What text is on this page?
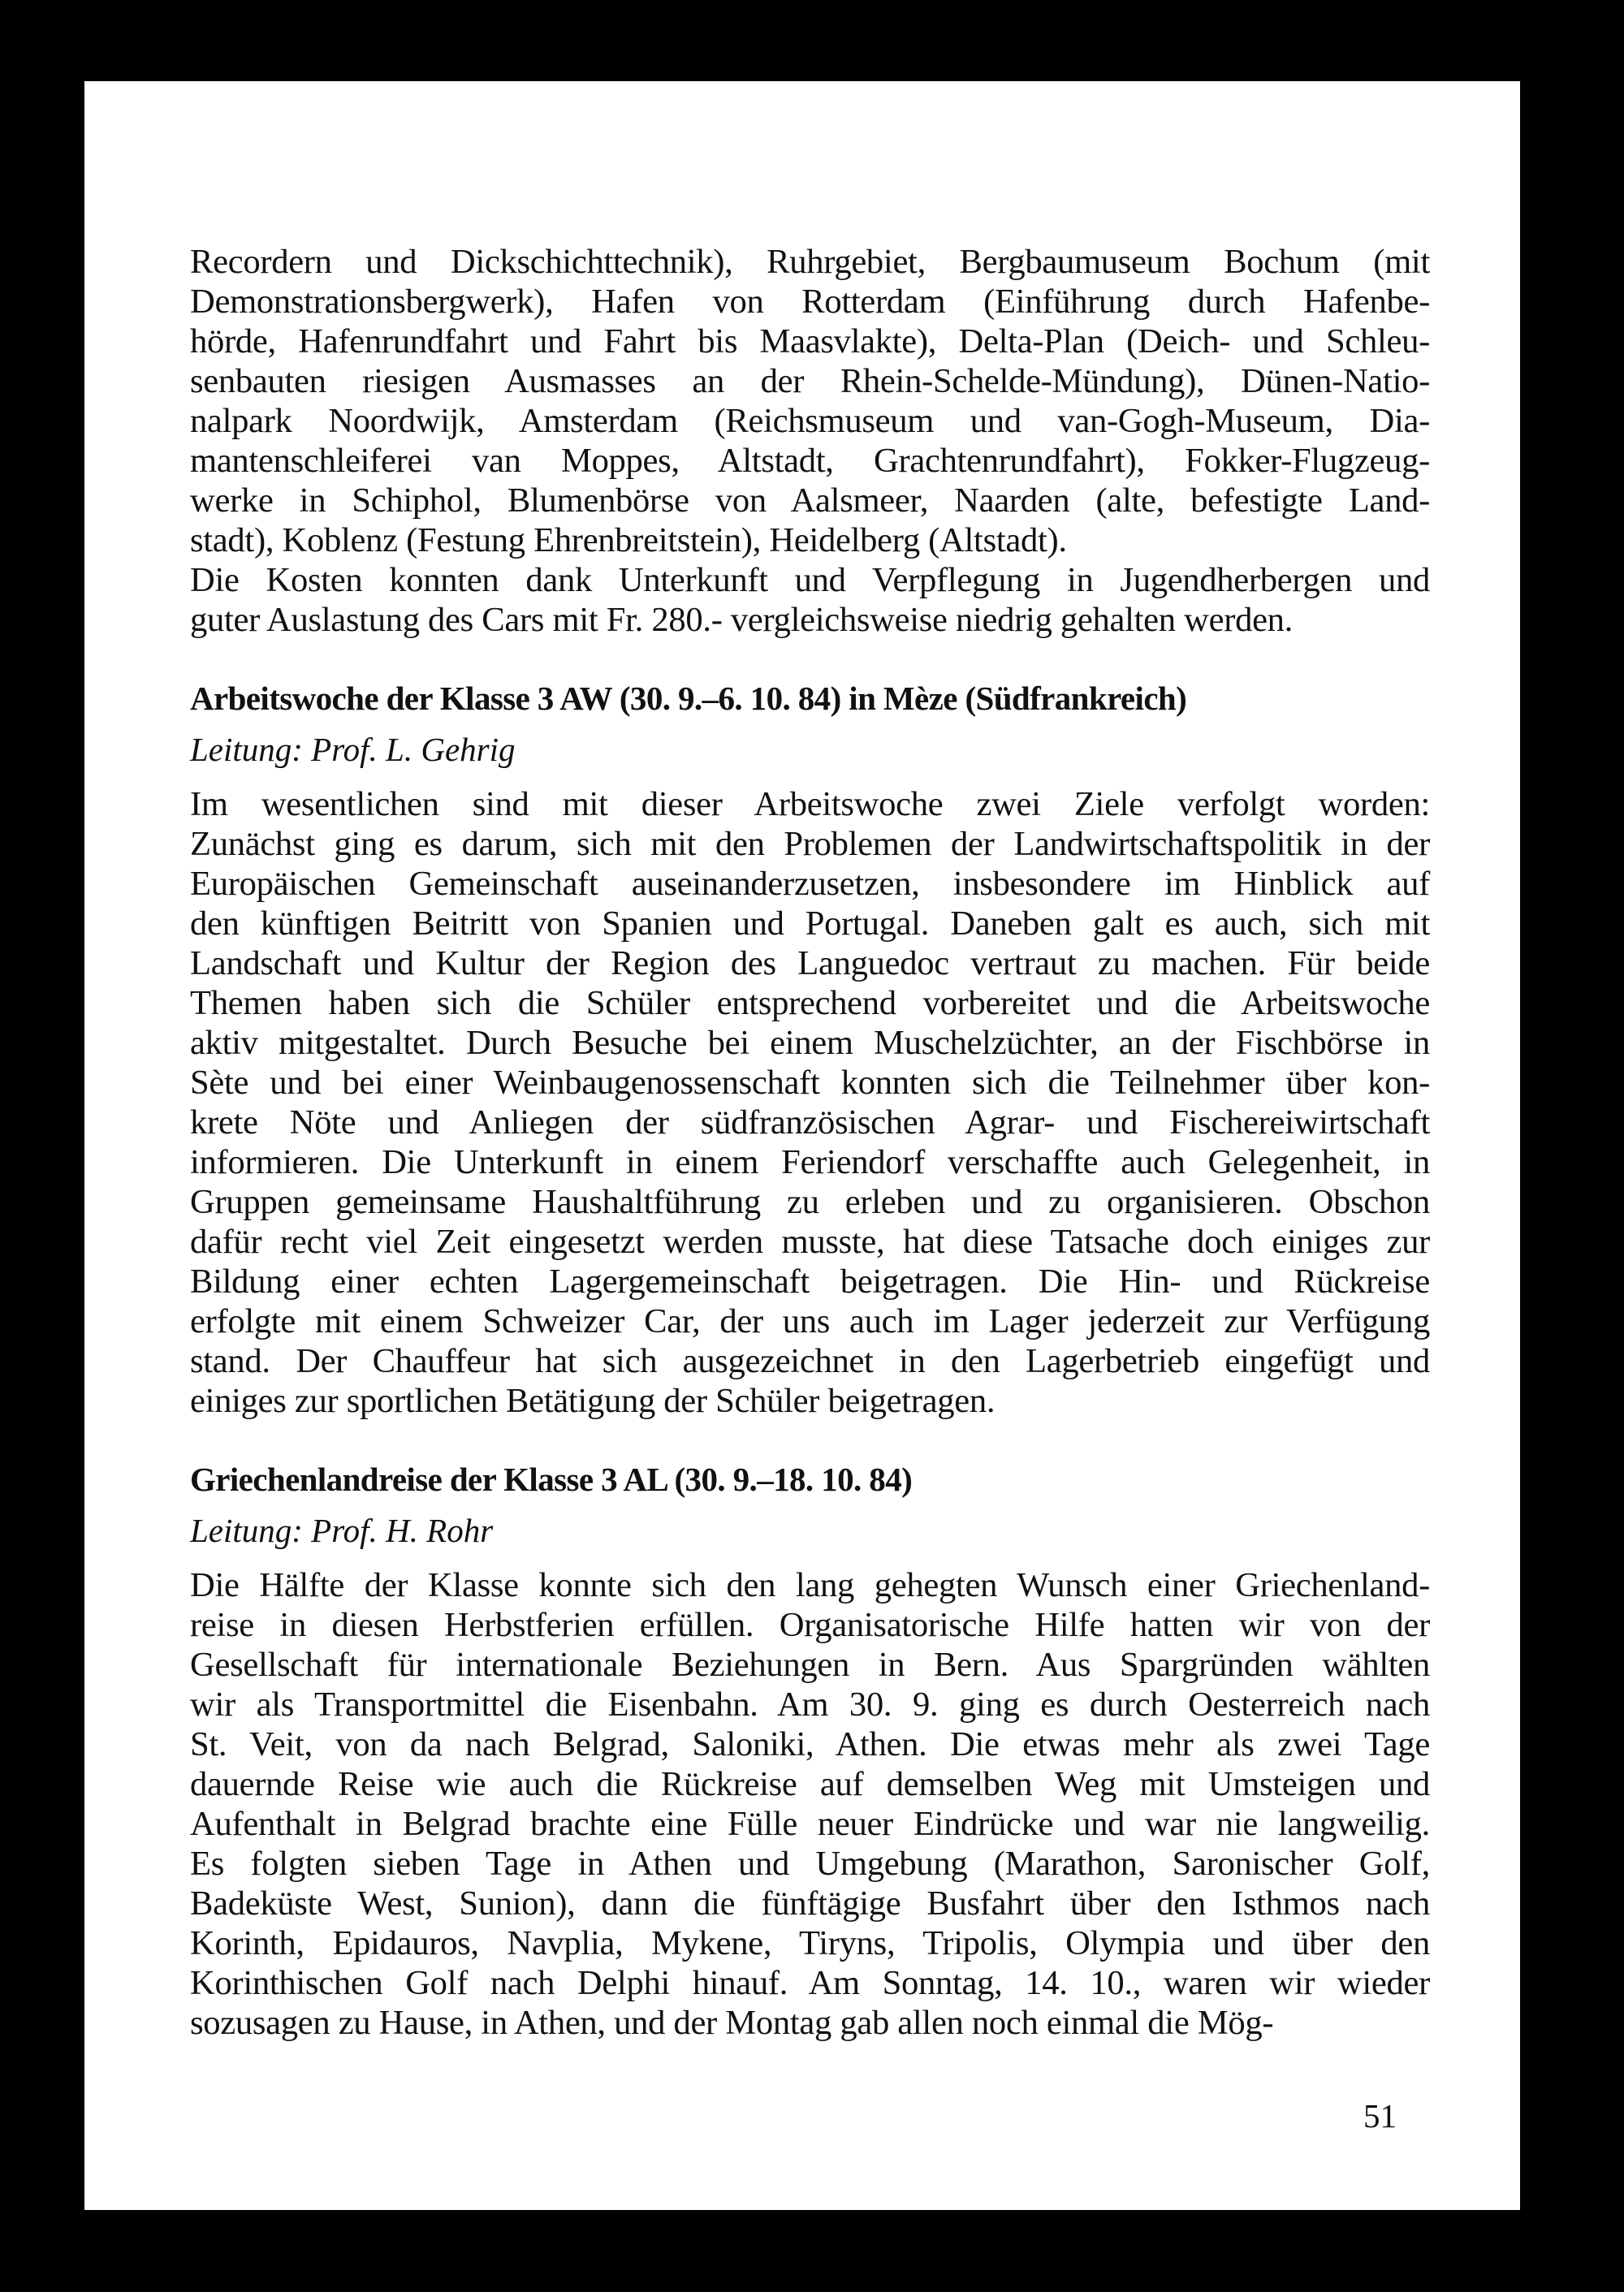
Recordern und Dickschichttechnik), Ruhrgebiet, Bergbaumuseum Bochum (mit
Demonstrationsbergwerk), Hafen von Rotterdam (Einführung durch Hafenbe-
hörde, Hafenrundfahrt und Fahrt bis Maasvlakte), Delta-Plan (Deich- und Schleu-
senbauten riesigen Ausmasses an der Rhein-Schelde-Mündung), Dünen-Natio-
nalpark Noordwijk, Amsterdam (Reichsmuseum und van-Gogh-Museum, Dia-
mantenschleiferei van Moppes, Altstadt, Grachtenrundfahrt), Fokker-Flugzeug-
werke in Schiphol, Blumenbörse von Aalsmeer, Naarden (alte, befestigte Land-
stadt), Koblenz (Festung Ehrenbreitstein), Heidelberg (Altstadt).
Die Kosten konnten dank Unterkunft und Verpflegung in Jugendherbergen und
guter Auslastung des Cars mit Fr. 280.- vergleichsweise niedrig gehalten werden.

Arbeitswoche der Klasse 3 AW (30. 9.–6. 10. 84) in Mèze (Südfrankreich)

Leitung: Prof. L. Gehrig

Im wesentlichen sind mit dieser Arbeitswoche zwei Ziele verfolgt worden:
Zunächst ging es darum, sich mit den Problemen der Landwirtschaftspolitik in der
Europäischen Gemeinschaft auseinanderzusetzen, insbesondere im Hinblick auf
den künftigen Beitritt von Spanien und Portugal. Daneben galt es auch, sich mit
Landschaft und Kultur der Region des Languedoc vertraut zu machen. Für beide
Themen haben sich die Schüler entsprechend vorbereitet und die Arbeitswoche
aktiv mitgestaltet. Durch Besuche bei einem Muschelzüchter, an der Fischbörse in
Sète und bei einer Weinbaugenossenschaft konnten sich die Teilnehmer über kon-
krete Nöte und Anliegen der südfranzösischen Agrar- und Fischereiwirtschaft
informieren. Die Unterkunft in einem Feriendorf verschaffte auch Gelegenheit, in
Gruppen gemeinsame Haushaltführung zu erleben und zu organisieren. Obschon
dafür recht viel Zeit eingesetzt werden musste, hat diese Tatsache doch einiges zur
Bildung einer echten Lagergemeinschaft beigetragen. Die Hin- und Rückreise
erfolgte mit einem Schweizer Car, der uns auch im Lager jederzeit zur Verfügung
stand. Der Chauffeur hat sich ausgezeichnet in den Lagerbetrieb eingefügt und
einiges zur sportlichen Betätigung der Schüler beigetragen.

Griechenlandreise der Klasse 3 AL (30. 9.–18. 10. 84)

Leitung: Prof. H. Rohr

Die Hälfte der Klasse konnte sich den lang gehegten Wunsch einer Griechenland-
reise in diesen Herbstferien erfüllen. Organisatorische Hilfe hatten wir von der
Gesellschaft für internationale Beziehungen in Bern. Aus Spargründen wählten
wir als Transportmittel die Eisenbahn. Am 30. 9. ging es durch Oesterreich nach
St. Veit, von da nach Belgrad, Saloniki, Athen. Die etwas mehr als zwei Tage
dauernde Reise wie auch die Rückreise auf demselben Weg mit Umsteigen und
Aufenthalt in Belgrad brachte eine Fülle neuer Eindrücke und war nie langweilig.
Es folgten sieben Tage in Athen und Umgebung (Marathon, Saronischer Golf,
Badeküste West, Sunion), dann die fünftägige Busfahrt über den Isthmos nach
Korinth, Epidauros, Navplia, Mykene, Tiryns, Tripolis, Olympia und über den
Korinthischen Golf nach Delphi hinauf. Am Sonntag, 14. 10., waren wir wieder
sozusagen zu Hause, in Athen, und der Montag gab allen noch einmal die Mög-

51
